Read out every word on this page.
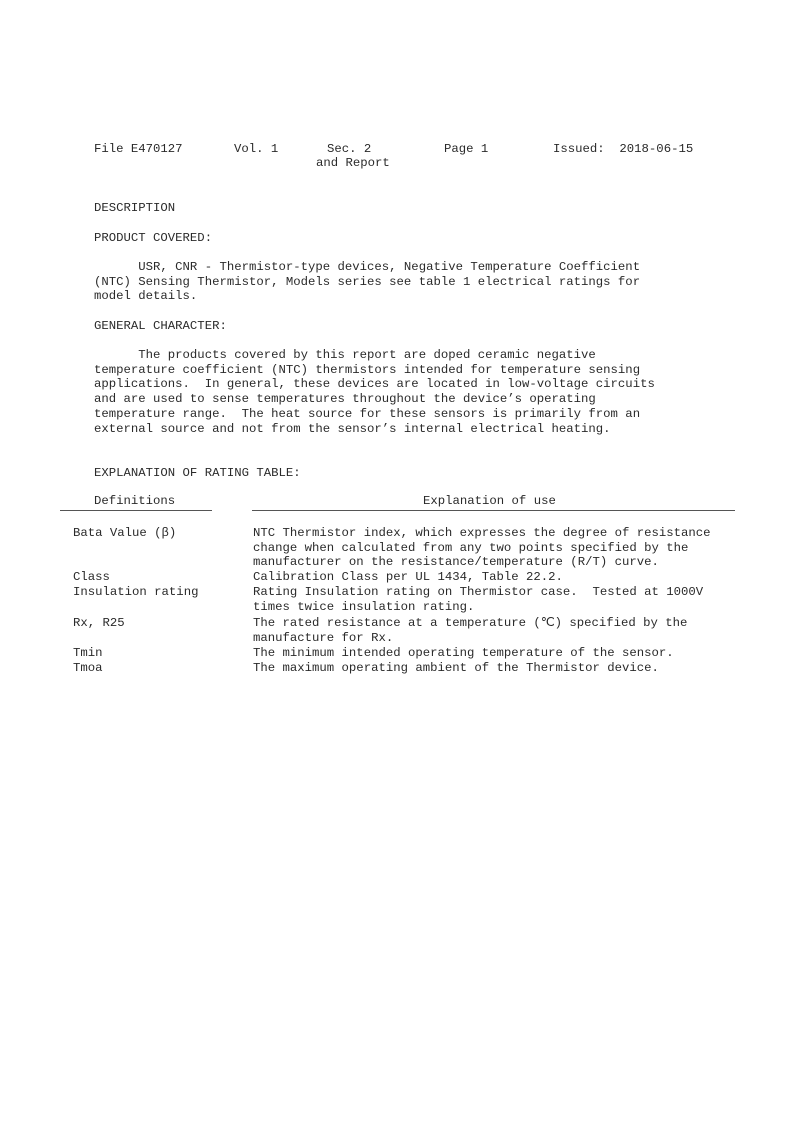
File E470127	Vol. 1	Sec. 2
and Report
Page 1	Issued:  2018-06-15
DESCRIPTION
PRODUCT COVERED:
USR, CNR - Thermistor-type devices, Negative Temperature Coefficient
(NTC) Sensing Thermistor, Models series see table 1 electrical ratings for
model details.
GENERAL CHARACTER:
The products covered by this report are doped ceramic negative
temperature coefficient (NTC) thermistors intended for temperature sensing
applications.  In general, these devices are located in low-voltage circuits
and are used to sense temperatures throughout the device’s operating
temperature range.  The heat source for these sensors is primarily from an
external source and not from the sensor’s internal electrical heating.
EXPLANATION OF RATING TABLE:
Definitions	Explanation of use
Bata Value (β)	NTC Thermistor index, which expresses the degree of resistance
change when calculated from any two points specified by the
manufacturer on the resistance/temperature (R/T) curve.
Class	Calibration Class per UL 1434, Table 22.2.
Insulation rating	Rating Insulation rating on Thermistor case.  Tested at 1000V
times twice insulation rating.
Rx, R25	The rated resistance at a temperature (℃) specified by the
manufacture for Rx.
Tmin	The minimum intended operating temperature of the sensor.
Tmoa	The maximum operating ambient of the Thermistor device.
